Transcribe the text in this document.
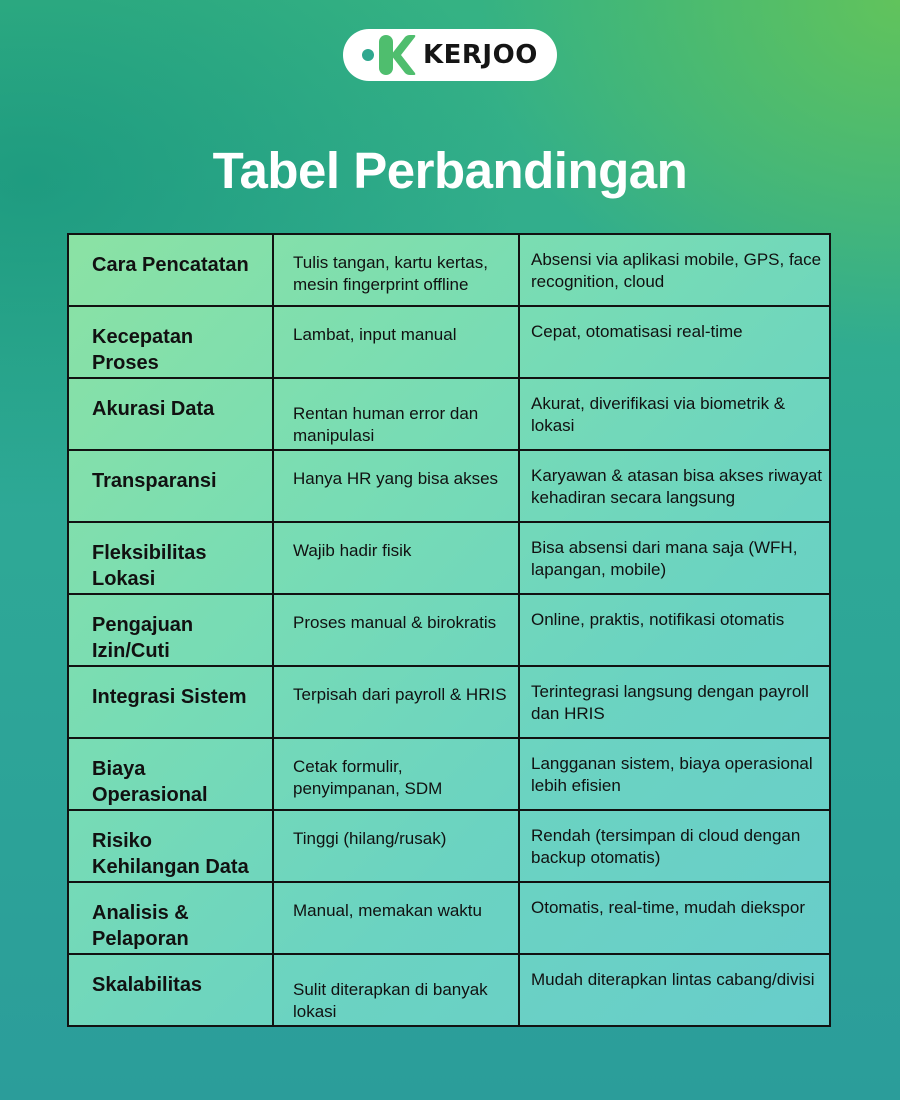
KERJOO
Tabel Perbandingan
Cara Pencatatan	Tulis tangan, kartu kertas, mesin fingerprint offline	Absensi via aplikasi mobile, GPS, face recognition, cloud
Kecepatan Proses	Lambat, input manual	Cepat, otomatisasi real-time
Akurasi Data	Rentan human error dan manipulasi	Akurat, diverifikasi via biometrik & lokasi
Transparansi	Hanya HR yang bisa akses	Karyawan & atasan bisa akses riwayat kehadiran secara langsung
Fleksibilitas Lokasi	Wajib hadir fisik	Bisa absensi dari mana saja (WFH, lapangan, mobile)
Pengajuan Izin/Cuti	Proses manual & birokratis	Online, praktis, notifikasi otomatis
Integrasi Sistem	Terpisah dari payroll & HRIS	Terintegrasi langsung dengan payroll dan HRIS
Biaya Operasional	Cetak formulir, penyimpanan, SDM	Langganan sistem, biaya operasional lebih efisien
Risiko Kehilangan Data	Tinggi (hilang/rusak)	Rendah (tersimpan di cloud dengan backup otomatis)
Analisis & Pelaporan	Manual, memakan waktu	Otomatis, real-time, mudah diekspor
Skalabilitas	Sulit diterapkan di banyak lokasi	Mudah diterapkan lintas cabang/divisi
